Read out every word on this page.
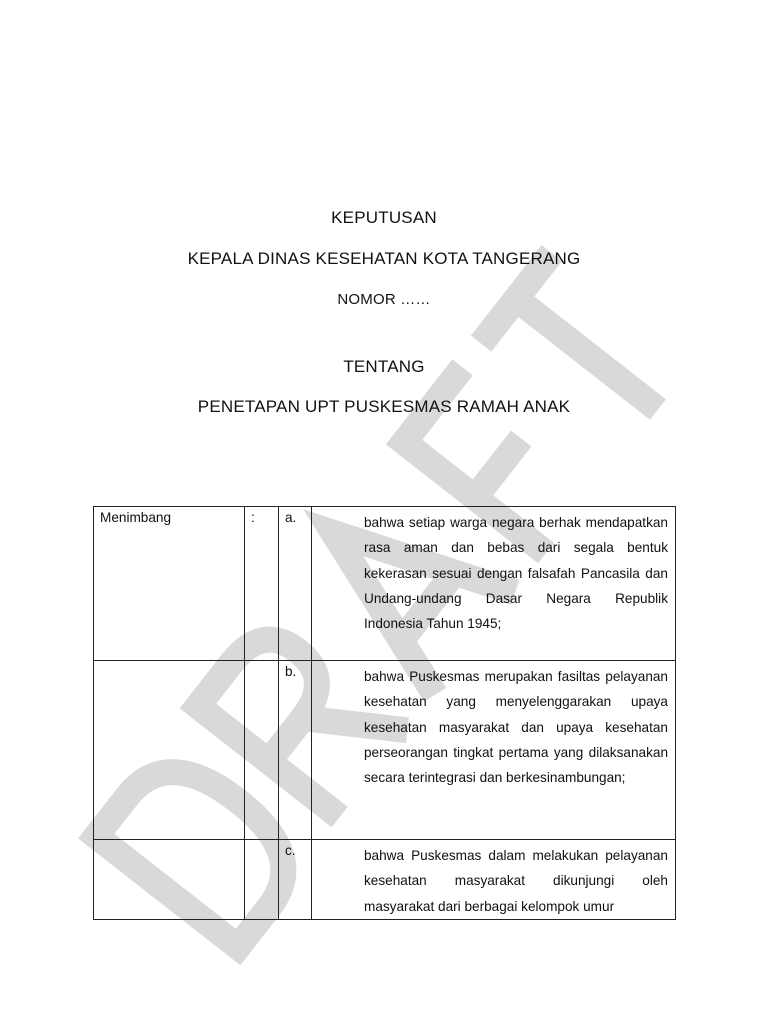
KEPUTUSAN
KEPALA DINAS KESEHATAN KOTA TANGERANG
NOMOR ……
TENTANG
PENETAPAN UPT PUSKESMAS RAMAH ANAK
Menimbang	:	a.	bahwa setiap warga negara berhak mendapatkan rasa aman dan bebas dari segala bentuk kekerasan sesuai dengan falsafah Pancasila dan Undang-undang Dasar Negara Republik Indonesia Tahun 1945;

		b.	bahwa Puskesmas merupakan fasiltas pelayanan kesehatan yang menyelenggarakan upaya kesehatan masyarakat dan upaya kesehatan perseorangan tingkat pertama yang dilaksanakan secara terintegrasi dan berkesinambungan;

		c.	bahwa Puskesmas dalam melakukan pelayanan kesehatan masyarakat dikunjungi oleh masyarakat dari berbagai kelompok umur
